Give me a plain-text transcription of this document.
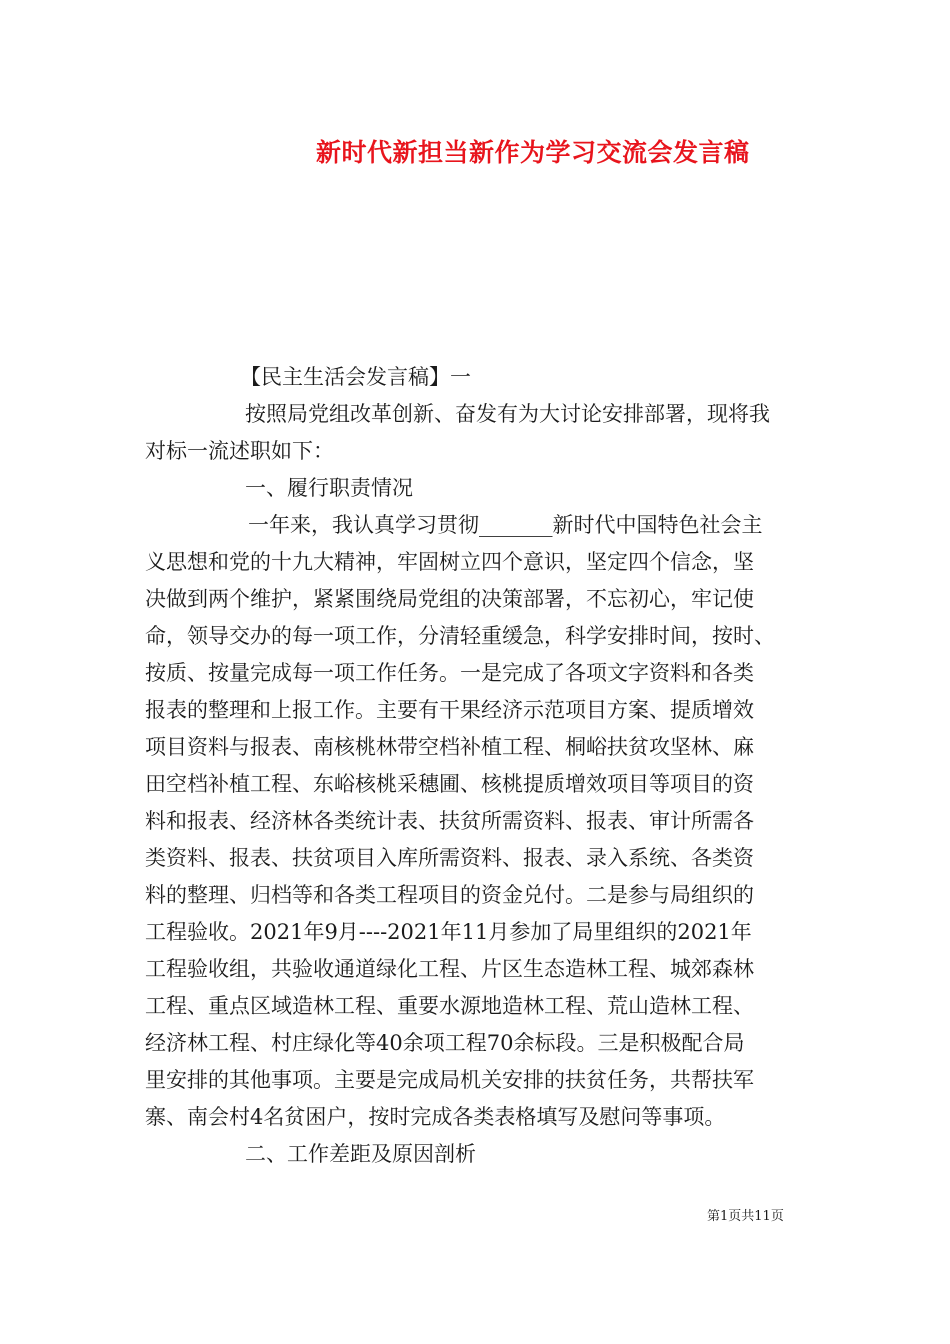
新时代新担当新作为学习交流会发言稿
【民主生活会发言稿】一
按照局党组改革创新、奋发有为大讨论安排部署，现将我
对标一流述职如下：
一、履行职责情况
一年来，我认真学习贯彻_______新时代中国特色社会主
义思想和党的十九大精神，牢固树立四个意识，坚定四个信念，坚
决做到两个维护，紧紧围绕局党组的决策部署，不忘初心，牢记使
命，领导交办的每一项工作，分清轻重缓急，科学安排时间，按时、
按质、按量完成每一项工作任务。一是完成了各项文字资料和各类
报表的整理和上报工作。主要有干果经济示范项目方案、提质增效
项目资料与报表、南核桃林带空档补植工程、桐峪扶贫攻坚林、麻
田空档补植工程、东峪核桃采穗圃、核桃提质增效项目等项目的资
料和报表、经济林各类统计表、扶贫所需资料、报表、审计所需各
类资料、报表、扶贫项目入库所需资料、报表、录入系统、各类资
料的整理、归档等和各类工程项目的资金兑付。二是参与局组织的
工程验收。2021年9月----2021年11月参加了局里组织的2021年
工程验收组，共验收通道绿化工程、片区生态造林工程、城郊森林
工程、重点区域造林工程、重要水源地造林工程、荒山造林工程、
经济林工程、村庄绿化等40余项工程70余标段。三是积极配合局
里安排的其他事项。主要是完成局机关安排的扶贫任务，共帮扶军
寨、南会村4名贫困户，按时完成各类表格填写及慰问等事项。
二、工作差距及原因剖析
第1页共11页
